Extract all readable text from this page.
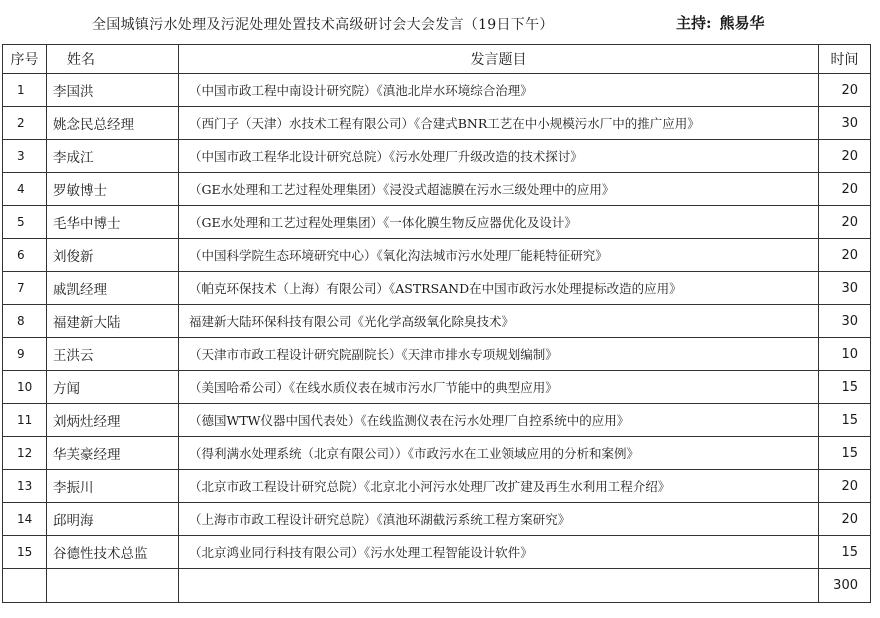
全国城镇污水处理及污泥处理处置技术高级研讨会大会发言（19日下午）	主持: 熊易华
序号	姓名	发言题目	时间
1	李国洪	（中国市政工程中南设计研究院）《滇池北岸水环境综合治理》	20
2	姚念民总经理	（西门子（天津）水技术工程有限公司）《合建式BNR工艺在中小规模污水厂中的推广应用》	30
3	李成江	（中国市政工程华北设计研究总院）《污水处理厂升级改造的技术探讨》	20
4	罗敏博士	（GE水处理和工艺过程处理集团）《浸没式超滤膜在污水三级处理中的应用》	20
5	毛华中博士	（GE水处理和工艺过程处理集团）《一体化膜生物反应器优化及设计》	20
6	刘俊新	（中国科学院生态环境研究中心）《氧化沟法城市污水处理厂能耗特征研究》	20
7	戚凯经理	（帕克环保技术（上海）有限公司）《ASTRSAND在中国市政污水处理提标改造的应用》	30
8	福建新大陆	福建新大陆环保科技有限公司《光化学高级氧化除臭技术》	30
9	王洪云	（天津市市政工程设计研究院副院长）《天津市排水专项规划编制》	10
10	方闻	（美国哈希公司）《在线水质仪表在城市污水厂节能中的典型应用》	15
11	刘炳灶经理	（德国WTW仪器中国代表处）《在线监测仪表在污水处理厂自控系统中的应用》	15
12	华芙豪经理	（得利满水处理系统（北京有限公司））《市政污水在工业领域应用的分析和案例》	15
13	李振川	（北京市政工程设计研究总院）《北京北小河污水处理厂改扩建及再生水利用工程介绍》	20
14	邱明海	（上海市市政工程设计研究总院）《滇池环湖截污系统工程方案研究》	20
15	谷德性技术总监	（北京鸿业同行科技有限公司）《污水处理工程智能设计软件》	15
			300
